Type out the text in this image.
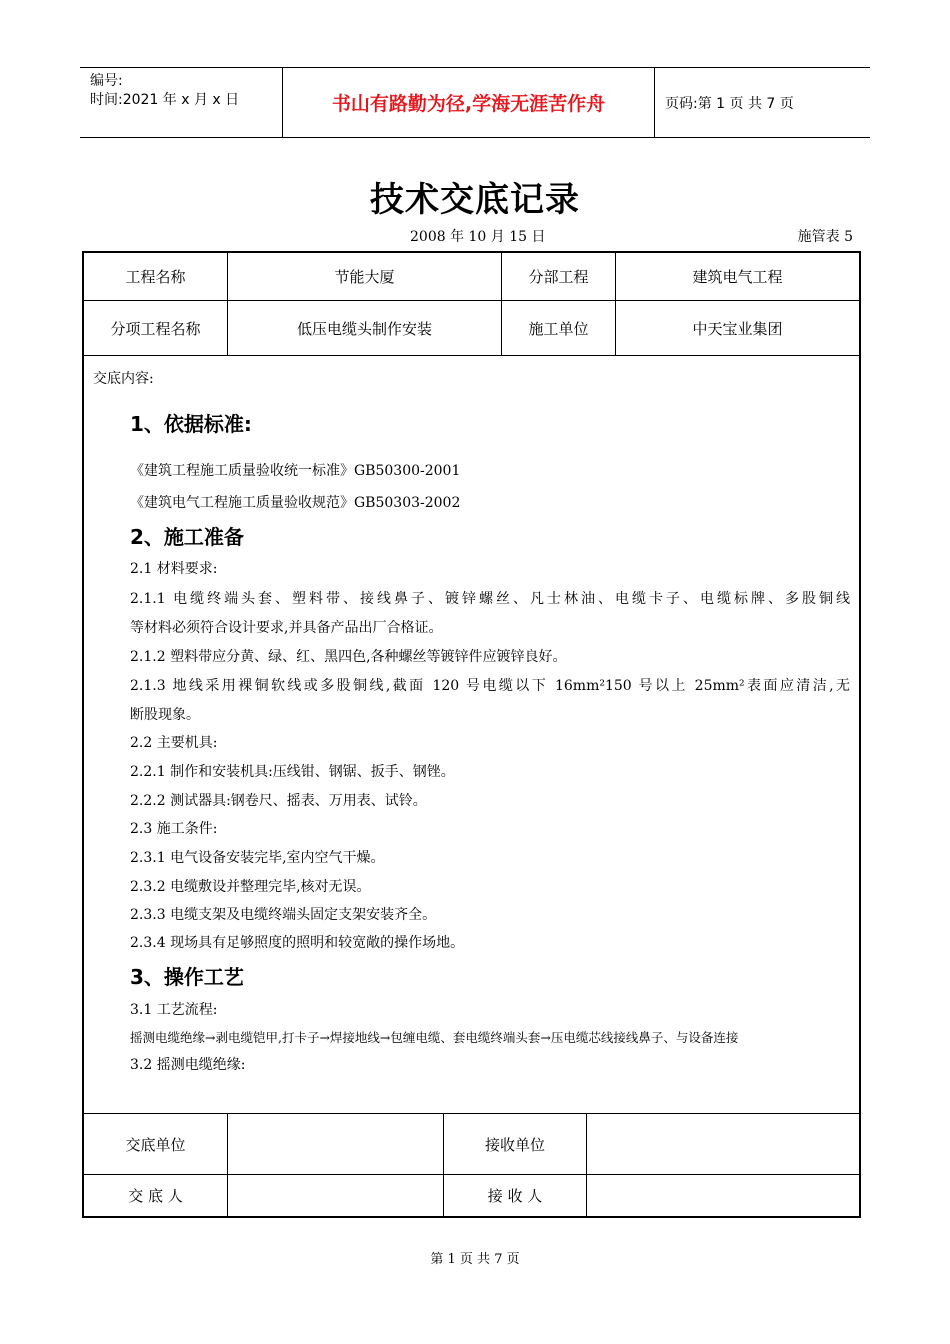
编号:
时间:2021 年 x 月 x 日	书山有路勤为径,学海无涯苦作舟	页码:第 1 页 共 7 页
技术交底记录
2008 年 10 月 15 日	施管表 5
工程名称	节能大厦	分部工程	建筑电气工程
分项工程名称	低压电缆头制作安装	施工单位	中天宝业集团
交底内容:
1、依据标准:
《建筑工程施工质量验收统一标准》GB50300-2001
《建筑电气工程施工质量验收规范》GB50303-2002
2、施工准备
2.1 材料要求:
2.1.1 电缆终端头套、塑料带、接线鼻子、镀锌螺丝、凡士林油、电缆卡子、电缆标牌、多股铜线
等材料必须符合设计要求,并具备产品出厂合格证。
2.1.2 塑料带应分黄、绿、红、黑四色,各种螺丝等镀锌件应镀锌良好。
2.1.3 地线采用裸铜软线或多股铜线,截面 120 号电缆以下 16mm²150 号以上 25mm²表面应清洁,无
断股现象。
2.2 主要机具:
2.2.1 制作和安装机具:压线钳、钢锯、扳手、钢锉。
2.2.2 测试器具:钢卷尺、摇表、万用表、试铃。
2.3 施工条件:
2.3.1 电气设备安装完毕,室内空气干燥。
2.3.2 电缆敷设并整理完毕,核对无误。
2.3.3 电缆支架及电缆终端头固定支架安装齐全。
2.3.4 现场具有足够照度的照明和较宽敞的操作场地。
3、操作工艺
3.1 工艺流程:
摇测电缆绝缘→剥电缆铠甲,打卡子→焊接地线→包缠电缆、套电缆终端头套→压电缆芯线接线鼻子、与设备连接
3.2 摇测电缆绝缘:
交底单位	接收单位
交 底 人	接 收 人
第 1 页 共 7 页
